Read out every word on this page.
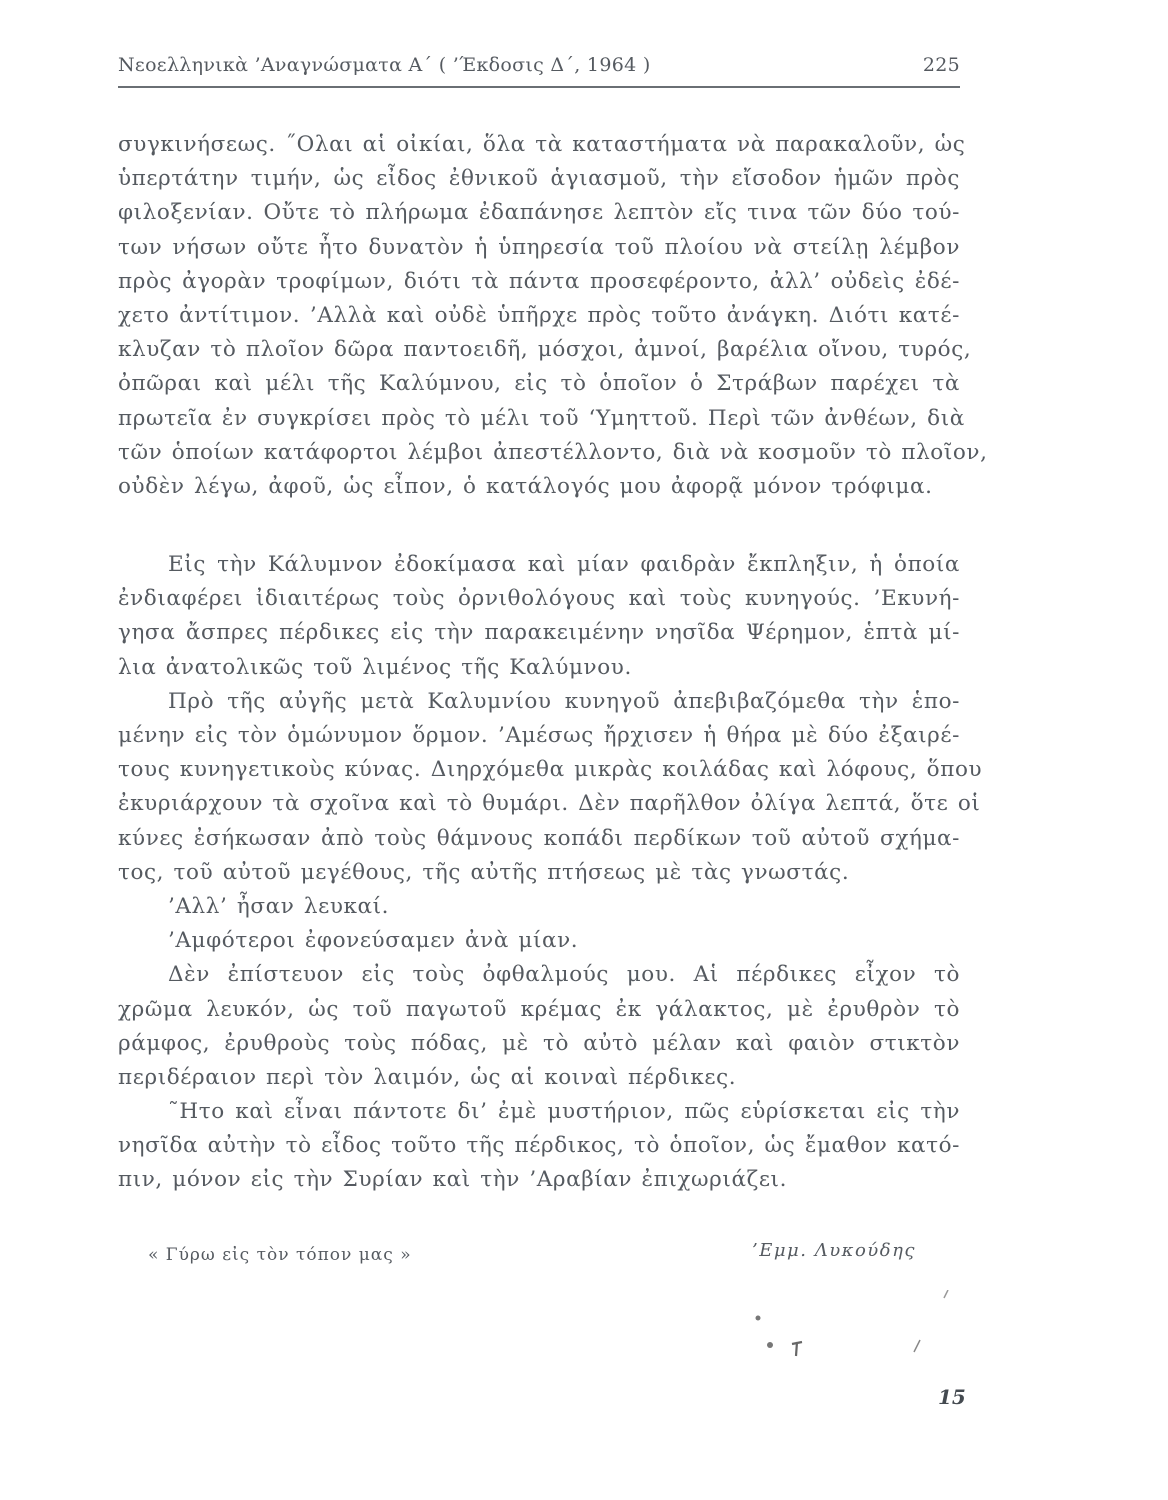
Νεοελληνικὰ ’Αναγνώσματα Α΄ ( ’Έκδοσις Δ΄, 1964 )	225
συγκινήσεως. ˝Ολαι αἱ οἰκίαι, ὅλα τὰ καταστήματα νὰ παρακαλοῦν, ὡς
ὑπερτάτην τιμήν, ὡς εἶδος ἐθνικοῦ ἁγιασμοῦ, τὴν εἴσοδον ἡμῶν πρὸς
φιλοξενίαν. Οὔτε τὸ πλήρωμα ἐδαπάνησε λεπτὸν εἴς τινα τῶν δύο τού-
των νήσων οὔτε ἦτο δυνατὸν ἡ ὑπηρεσία τοῦ πλοίου νὰ στείλῃ λέμβον
πρὸς ἀγορὰν τροφίμων, διότι τὰ πάντα προσεφέροντο, ἀλλ’ οὐδεὶς ἐδέ-
χετο ἀντίτιμον. ’Αλλὰ καὶ οὐδὲ ὑπῆρχε πρὸς τοῦτο ἀνάγκη. Διότι κατέ-
κλυζαν τὸ πλοῖον δῶρα παντοειδῆ, μόσχοι, ἀμνοί, βαρέλια οἴνου, τυρός,
ὀπῶραι καὶ μέλι τῆς Καλύμνου, εἰς τὸ ὁποῖον ὁ Στράβων παρέχει τὰ
πρωτεῖα ἐν συγκρίσει πρὸς τὸ μέλι τοῦ ‘Υμηττοῦ. Περὶ τῶν ἀνθέων, διὰ
τῶν ὁποίων κατάφορτοι λέμβοι ἀπεστέλλοντο, διὰ νὰ κοσμοῦν τὸ πλοῖον,
οὐδὲν λέγω, ἀφοῦ, ὡς εἶπον, ὁ κατάλογός μου ἀφορᾷ μόνον τρόφιμα.
Εἰς τὴν Κάλυμνον ἐδοκίμασα καὶ μίαν φαιδρὰν ἔκπληξιν, ἡ ὁποία
ἐνδιαφέρει ἰδιαιτέρως τοὺς ὀρνιθολόγους καὶ τοὺς κυνηγούς. ’Εκυνή-
γησα ἄσπρες πέρδικες εἰς τὴν παρακειμένην νησῖδα Ψέρημον, ἑπτὰ μί-
λια ἀνατολικῶς τοῦ λιμένος τῆς Καλύμνου.
Πρὸ τῆς αὐγῆς μετὰ Καλυμνίου κυνηγοῦ ἀπεβιβαζόμεθα τὴν ἑπο-
μένην εἰς τὸν ὁμώνυμον ὅρμον. ’Αμέσως ἤρχισεν ἡ θήρα μὲ δύο ἐξαιρέ-
τους κυνηγετικοὺς κύνας. Διηρχόμεθα μικρὰς κοιλάδας καὶ λόφους, ὅπου
ἐκυριάρχουν τὰ σχοῖνα καὶ τὸ θυμάρι. Δὲν παρῆλθον ὀλίγα λεπτά, ὅτε οἱ
κύνες ἐσήκωσαν ἀπὸ τοὺς θάμνους κοπάδι περδίκων τοῦ αὐτοῦ σχήμα-
τος, τοῦ αὐτοῦ μεγέθους, τῆς αὐτῆς πτήσεως μὲ τὰς γνωστάς.
’Αλλ’ ἦσαν λευκαί.
’Αμφότεροι ἐφονεύσαμεν ἀνὰ μίαν.
Δὲν ἐπίστευον εἰς τοὺς ὀφθαλμούς μου. Αἱ πέρδικες εἶχον τὸ
χρῶμα λευκόν, ὡς τοῦ παγωτοῦ κρέμας ἐκ γάλακτος, μὲ ἐρυθρὸν τὸ
ράμφος, ἐρυθροὺς τοὺς πόδας, μὲ τὸ αὐτὸ μέλαν καὶ φαιὸν στικτὸν
περιδέραιον περὶ τὸν λαιμόν, ὡς αἱ κοιναὶ πέρδικες.
˜Ητο καὶ εἶναι πάντοτε δι’ ἐμὲ μυστήριον, πῶς εὑρίσκεται εἰς τὴν
νησῖδα αὐτὴν τὸ εἶδος τοῦτο τῆς πέρδικος, τὸ ὁποῖον, ὡς ἔμαθον κατό-
πιν, μόνον εἰς τὴν Συρίαν καὶ τὴν ’Αραβίαν ἐπιχωριάζει.
« Γύρω εἰς τὸν τόπον μας »	’Εμμ. Λυκούδης
15
